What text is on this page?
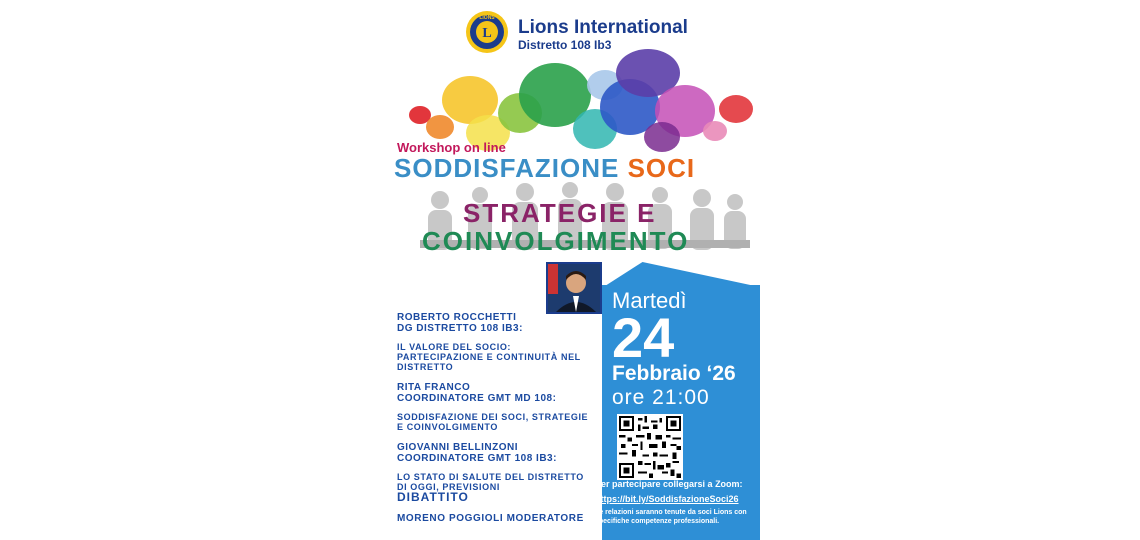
L
LIONS Lions International
Distretto 108 Ib3
Workshop on line
SODDISFAZIONE SOCI
STRATEGIE E
COINVOLGIMENTO
ROBERTO ROCCHETTI
DG DISTRETTO 108 IB3:
IL VALORE DEL SOCIO: PARTECIPAZIONE E CONTINUITÀ NEL DISTRETTO
RITA FRANCO
COORDINATORE GMT MD 108:
SODDISFAZIONE DEI SOCI, STRATEGIE E COINVOLGIMENTO
GIOVANNI BELLINZONI
COORDINATORE GMT 108 IB3:
LO STATO DI SALUTE DEL DISTRETTO DI OGGI, PREVISIONI
DIBATTITO
MORENO POGGIOLI MODERATORE
Martedì
24
Febbraio ‘26
ore 21:00
Per partecipare collegarsi a Zoom:
https://bit.ly/SoddisfazioneSoci26
Le relazioni saranno tenute da soci Lions con specifiche competenze professionali.
